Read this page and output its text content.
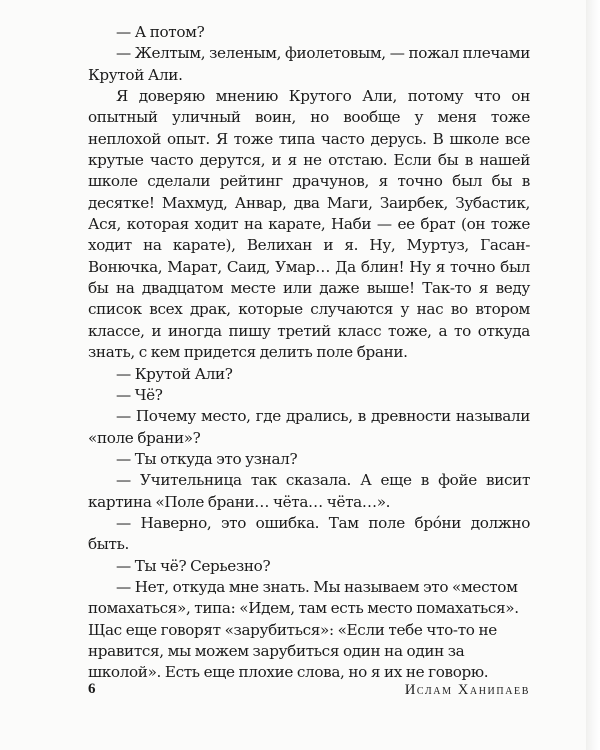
— А потом?

— Желтым, зеленым, фиолетовым, — пожал плечами Крутой Али.

Я доверяю мнению Крутого Али, потому что он опытный уличный воин, но вообще у меня тоже неплохой опыт. Я тоже типа часто дерусь. В школе все крутые часто дерутся, и я не отстаю. Если бы в нашей школе сделали рейтинг драчунов, я точно был бы в десятке! Махмуд, Анвар, два Маги, Заирбек, Зубастик, Ася, которая ходит на карате, Наби — ее брат (он тоже ходит на карате), Велихан и я. Ну, Муртуз, Гасан-Вонючка, Марат, Саид, Умар… Да блин! Ну я точно был бы на двадцатом месте или даже выше! Так-то я веду список всех драк, которые случаются у нас во втором классе, и иногда пишу третий класс тоже, а то откуда знать, с кем придется делить поле брани.

— Крутой Али?

— Чё?

— Почему место, где дрались, в древности называли «поле брани»?

— Ты откуда это узнал?

— Учительница так сказала. А еще в фойе висит картина «Поле брани… чёта… чёта…».

— Наверно, это ошибка. Там поле бро́ни должно быть.

— Ты чё? Серьезно?

— Нет, откуда мне знать. Мы называем это «местом помахаться», типа: «Идем, там есть место помахаться». Щас еще говорят «зарубиться»: «Если тебе что-то не нравится, мы можем зарубиться один на один за школой». Есть еще плохие слова, но я их не говорю.

6	Ислам Ханипаев
